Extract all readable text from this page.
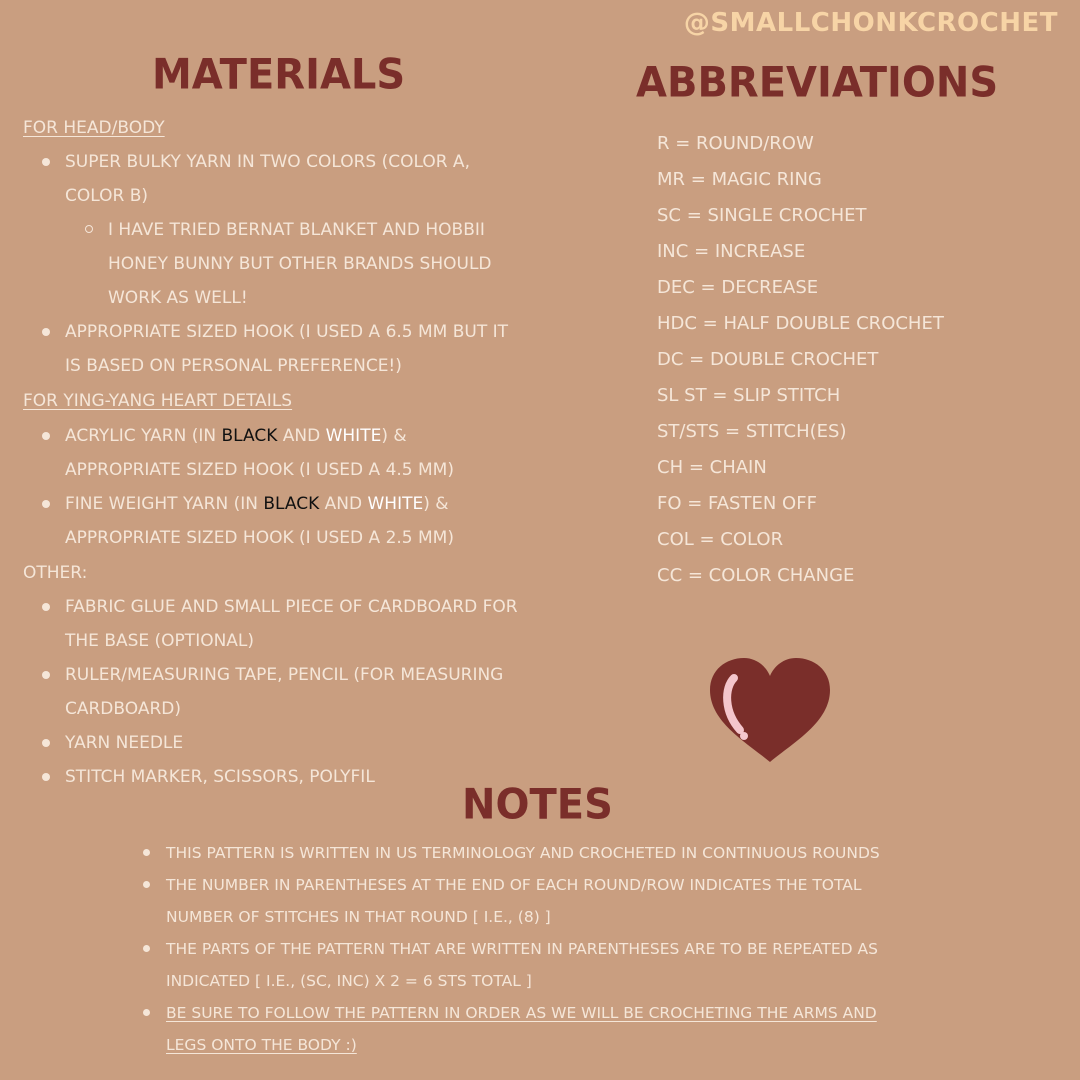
@SMALLCHONKCROCHET
MATERIALS
FOR HEAD/BODY
SUPER BULKY YARN IN TWO COLORS (COLOR A,
COLOR B)
I HAVE TRIED BERNAT BLANKET AND HOBBII
HONEY BUNNY BUT OTHER BRANDS SHOULD
WORK AS WELL!
APPROPRIATE SIZED HOOK (I USED A 6.5 MM BUT IT
IS BASED ON PERSONAL PREFERENCE!)
FOR YING-YANG HEART DETAILS
ACRYLIC YARN (IN BLACK AND WHITE) &
APPROPRIATE SIZED HOOK (I USED A 4.5 MM)
FINE WEIGHT YARN (IN BLACK AND WHITE) &
APPROPRIATE SIZED HOOK (I USED A 2.5 MM)
OTHER:
FABRIC GLUE AND SMALL PIECE OF CARDBOARD FOR
THE BASE (OPTIONAL)
RULER/MEASURING TAPE, PENCIL (FOR MEASURING
CARDBOARD)
YARN NEEDLE
STITCH MARKER, SCISSORS, POLYFIL
ABBREVIATIONS
R = ROUND/ROW
MR = MAGIC RING
SC = SINGLE CROCHET
INC = INCREASE
DEC = DECREASE
HDC = HALF DOUBLE CROCHET
DC = DOUBLE CROCHET
SL ST = SLIP STITCH
ST/STS = STITCH(ES)
CH = CHAIN
FO = FASTEN OFF
COL = COLOR
CC = COLOR CHANGE
NOTES
THIS PATTERN IS WRITTEN IN US TERMINOLOGY AND CROCHETED IN CONTINUOUS ROUNDS
THE NUMBER IN PARENTHESES AT THE END OF EACH ROUND/ROW INDICATES THE TOTAL
NUMBER OF STITCHES IN THAT ROUND [ I.E., (8) ]
THE PARTS OF THE PATTERN THAT ARE WRITTEN IN PARENTHESES ARE TO BE REPEATED AS
INDICATED [ I.E., (SC, INC) X 2 = 6 STS TOTAL ]
BE SURE TO FOLLOW THE PATTERN IN ORDER AS WE WILL BE CROCHETING THE ARMS AND
LEGS ONTO THE BODY :)
